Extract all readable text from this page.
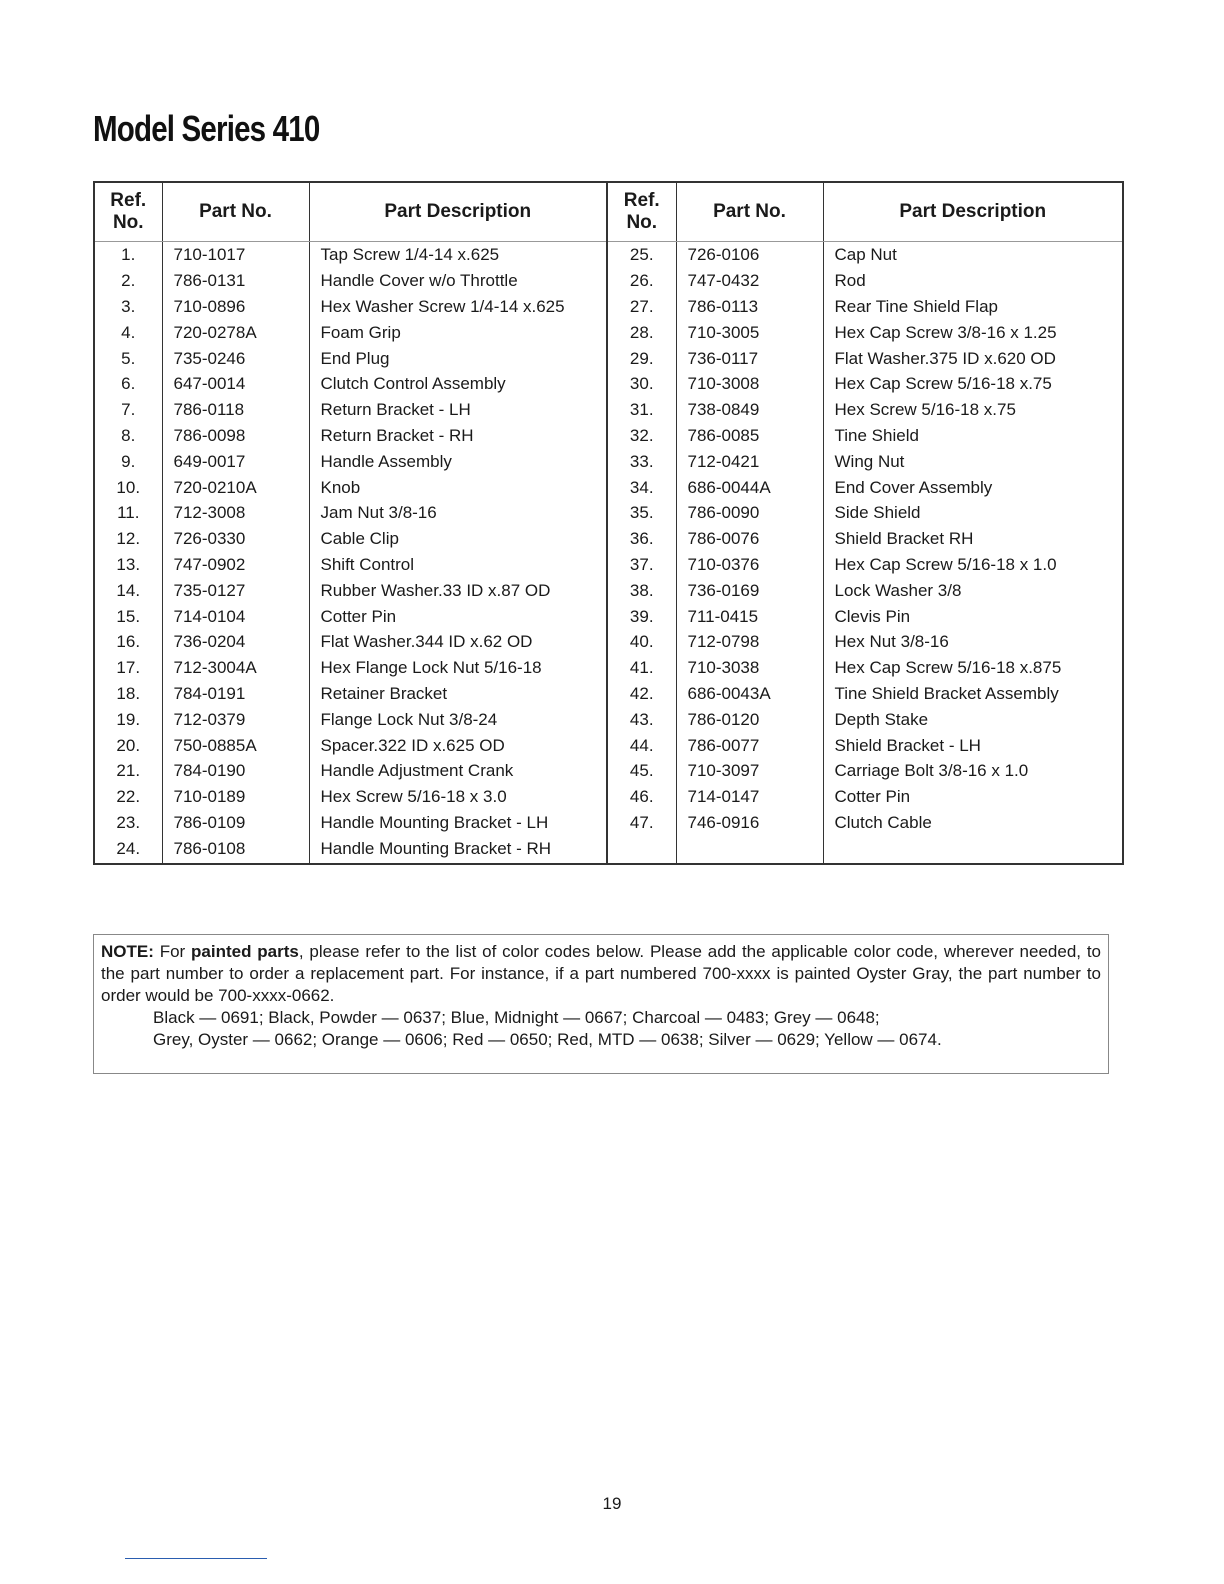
Model Series 410
Ref.
No.	Part No.	Part Description	Ref.
No.	Part No.	Part Description
1.	710-1017	Tap Screw 1/4-14 x.625	25.	726-0106	Cap Nut
2.	786-0131	Handle Cover w/o Throttle	26.	747-0432	Rod
3.	710-0896	Hex Washer Screw 1/4-14 x.625	27.	786-0113	Rear Tine Shield Flap
4.	720-0278A	Foam Grip	28.	710-3005	Hex Cap Screw 3/8-16 x 1.25
5.	735-0246	End Plug	29.	736-0117	Flat Washer.375 ID x.620 OD
6.	647-0014	Clutch Control Assembly	30.	710-3008	Hex Cap Screw 5/16-18 x.75
7.	786-0118	Return Bracket - LH	31.	738-0849	Hex Screw 5/16-18 x.75
8.	786-0098	Return Bracket - RH	32.	786-0085	Tine Shield
9.	649-0017	Handle Assembly	33.	712-0421	Wing Nut
10.	720-0210A	Knob	34.	686-0044A	End Cover Assembly
11.	712-3008	Jam Nut 3/8-16	35.	786-0090	Side Shield
12.	726-0330	Cable Clip	36.	786-0076	Shield Bracket RH
13.	747-0902	Shift Control	37.	710-0376	Hex Cap Screw 5/16-18 x 1.0
14.	735-0127	Rubber Washer.33 ID x.87 OD	38.	736-0169	Lock Washer 3/8
15.	714-0104	Cotter Pin	39.	711-0415	Clevis Pin
16.	736-0204	Flat Washer.344 ID x.62 OD	40.	712-0798	Hex Nut 3/8-16
17.	712-3004A	Hex Flange Lock Nut 5/16-18	41.	710-3038	Hex Cap Screw 5/16-18 x.875
18.	784-0191	Retainer Bracket	42.	686-0043A	Tine Shield Bracket Assembly
19.	712-0379	Flange Lock Nut 3/8-24	43.	786-0120	Depth Stake
20.	750-0885A	Spacer.322 ID x.625 OD	44.	786-0077	Shield Bracket - LH
21.	784-0190	Handle Adjustment Crank	45.	710-3097	Carriage Bolt 3/8-16 x 1.0
22.	710-0189	Hex Screw 5/16-18 x 3.0	46.	714-0147	Cotter Pin
23.	786-0109	Handle Mounting Bracket - LH	47.	746-0916	Clutch Cable
24.	786-0108	Handle Mounting Bracket - RH			
NOTE: For painted parts, please refer to the list of color codes below. Please add the applicable color code, wherever needed, to the part number to order a replacement part. For instance, if a part numbered 700-xxxx is painted Oyster Gray, the part number to order would be 700-xxxx-0662.
Black — 0691; Black, Powder — 0637; Blue, Midnight — 0667; Charcoal — 0483; Grey — 0648;
Grey, Oyster — 0662; Orange — 0606; Red — 0650; Red, MTD — 0638; Silver — 0629; Yellow — 0674.
19
